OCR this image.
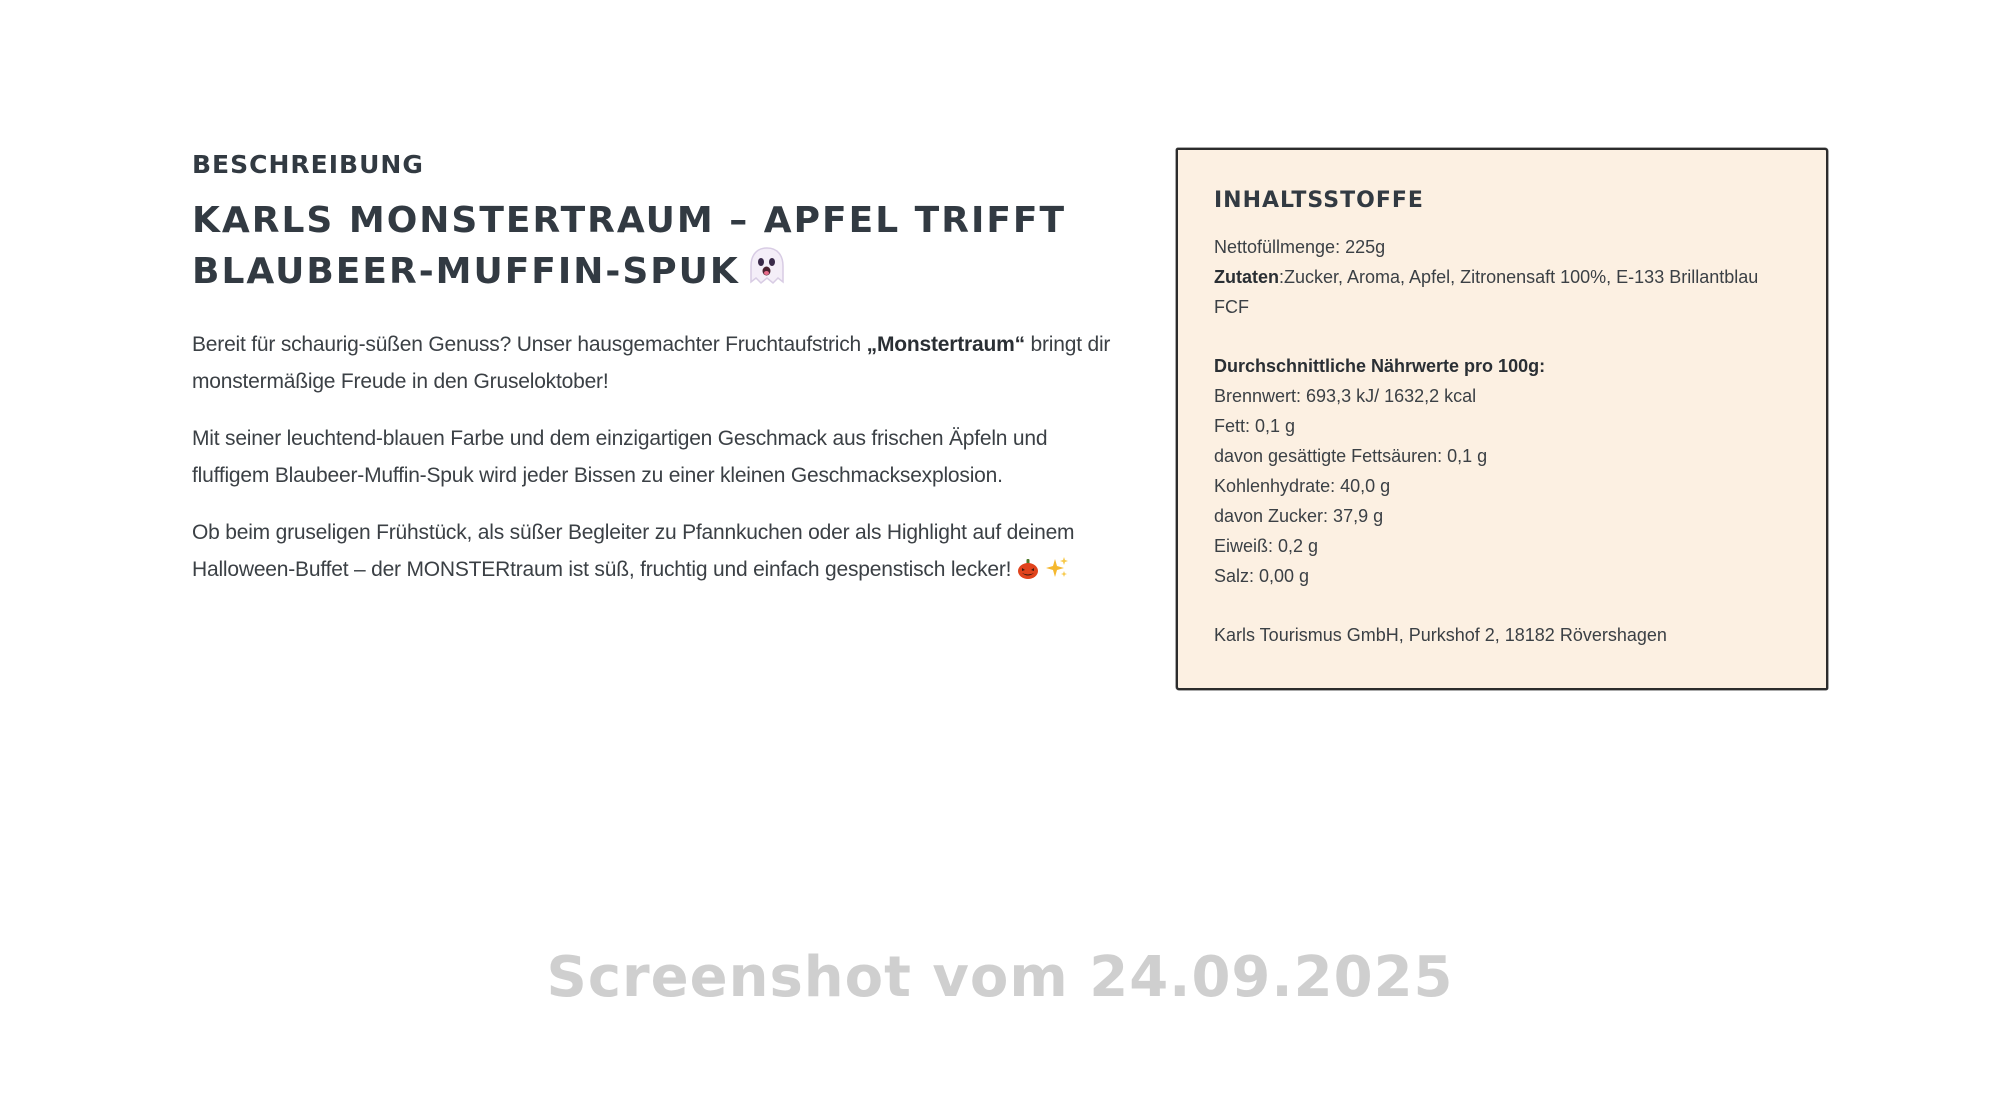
BESCHREIBUNG
KARLS MONSTERTRAUM – APFEL TRIFFT BLAUBEER-MUFFIN-SPUK

Bereit für schaurig-süßen Genuss? Unser hausgemachter Fruchtaufstrich „Monstertraum“ bringt dir monstermäßige Freude in den Gruseloktober!

Mit seiner leuchtend-blauen Farbe und dem einzigartigen Geschmack aus frischen Äpfeln und fluffigem Blaubeer-Muffin-Spuk wird jeder Bissen zu einer kleinen Geschmacksexplosion.

Ob beim gruseligen Frühstück, als süßer Begleiter zu Pfannkuchen oder als Highlight auf deinem Halloween-Buffet – der MONSTERtraum ist süß, fruchtig und einfach gespenstisch lecker!

INHALTSSTOFFE

Nettofüllmenge: 225g

Zutaten:Zucker, Aroma, Apfel, Zitronensaft 100%, E-133 Brillantblau FCF

Durchschnittliche Nährwerte pro 100g:

Brennwert: 693,3 kJ/ 1632,2 kcal

Fett: 0,1 g

davon gesättigte Fettsäuren: 0,1 g

Kohlenhydrate: 40,0 g

davon Zucker: 37,9 g

Eiweiß: 0,2 g

Salz: 0,00 g

Karls Tourismus GmbH, Purkshof 2, 18182 Rövershagen

Screenshot vom 24.09.2025
